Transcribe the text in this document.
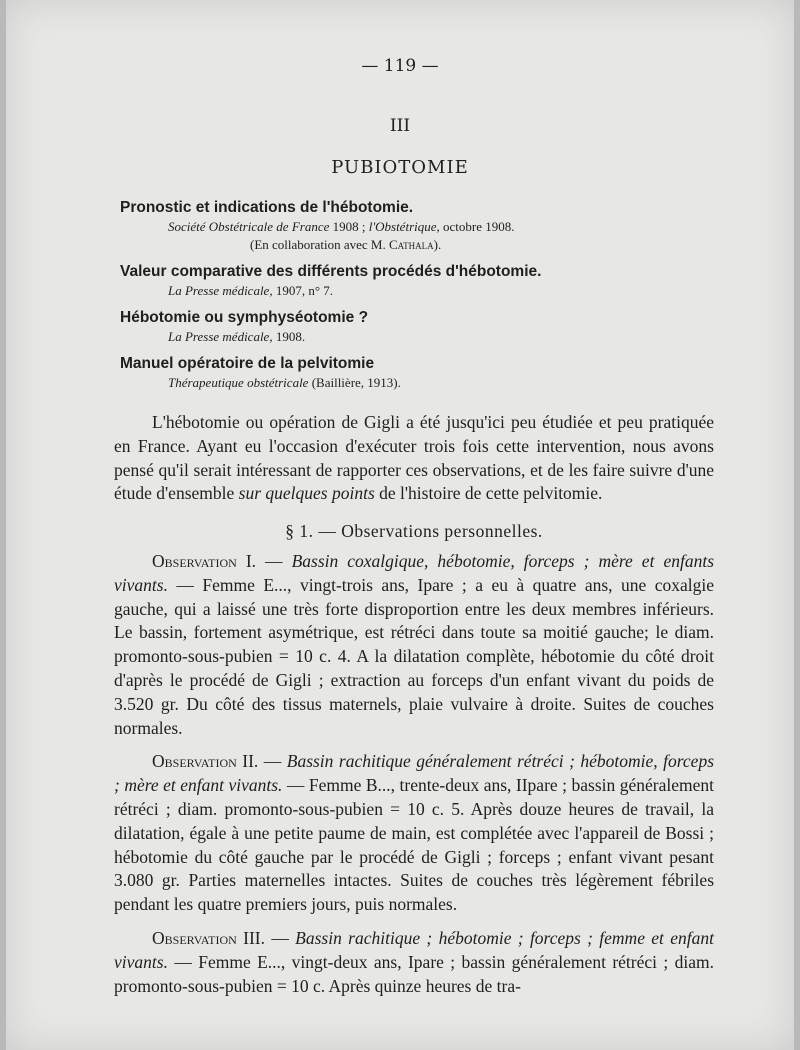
— 119 —
III
PUBIOTOMIE
Pronostic et indications de l'hébotomie.
Société Obstétricale de France 1908 ; l'Obstétrique, octobre 1908.
(En collaboration avec M. Cathala).
Valeur comparative des différents procédés d'hébotomie.
La Presse médicale, 1907, n° 7.
Hébotomie ou symphyséotomie ?
La Presse médicale, 1908.
Manuel opératoire de la pelvitomie
Thérapeutique obstétricale (Baillière, 1913).

L'hébotomie ou opération de Gigli a été jusqu'ici peu étudiée et peu pratiquée en France. Ayant eu l'occasion d'exécuter trois fois cette intervention, nous avons pensé qu'il serait intéressant de rapporter ces observations, et de les faire suivre d'une étude d'ensemble sur quelques points de l'histoire de cette pelvitomie.

§ 1. — Observations personnelles.

Observation I. — Bassin coxalgique, hébotomie, forceps ; mère et enfants vivants. — Femme E..., vingt-trois ans, Ipare ; a eu à quatre ans, une coxalgie gauche, qui a laissé une très forte disproportion entre les deux membres inférieurs. Le bassin, fortement asymétrique, est rétréci dans toute sa moitié gauche; le diam. promonto-sous-pubien = 10 c. 4. A la dilatation complète, hébotomie du côté droit d'après le procédé de Gigli ; extraction au forceps d'un enfant vivant du poids de 3.520 gr. Du côté des tissus maternels, plaie vulvaire à droite. Suites de couches normales.

Observation II. — Bassin rachitique généralement rétréci ; hébotomie, forceps ; mère et enfant vivants. — Femme B..., trente-deux ans, IIpare ; bassin généralement rétréci ; diam. promonto-sous-pubien = 10 c. 5. Après douze heures de travail, la dilatation, égale à une petite paume de main, est complétée avec l'appareil de Bossi ; hébotomie du côté gauche par le procédé de Gigli ; forceps ; enfant vivant pesant 3.080 gr. Parties maternelles intactes. Suites de couches très légèrement fébriles pendant les quatre premiers jours, puis normales.

Observation III. — Bassin rachitique ; hébotomie ; forceps ; femme et enfant vivants. — Femme E..., vingt-deux ans, Ipare ; bassin généralement rétréci ; diam. promonto-sous-pubien = 10 c. Après quinze heures de tra-
